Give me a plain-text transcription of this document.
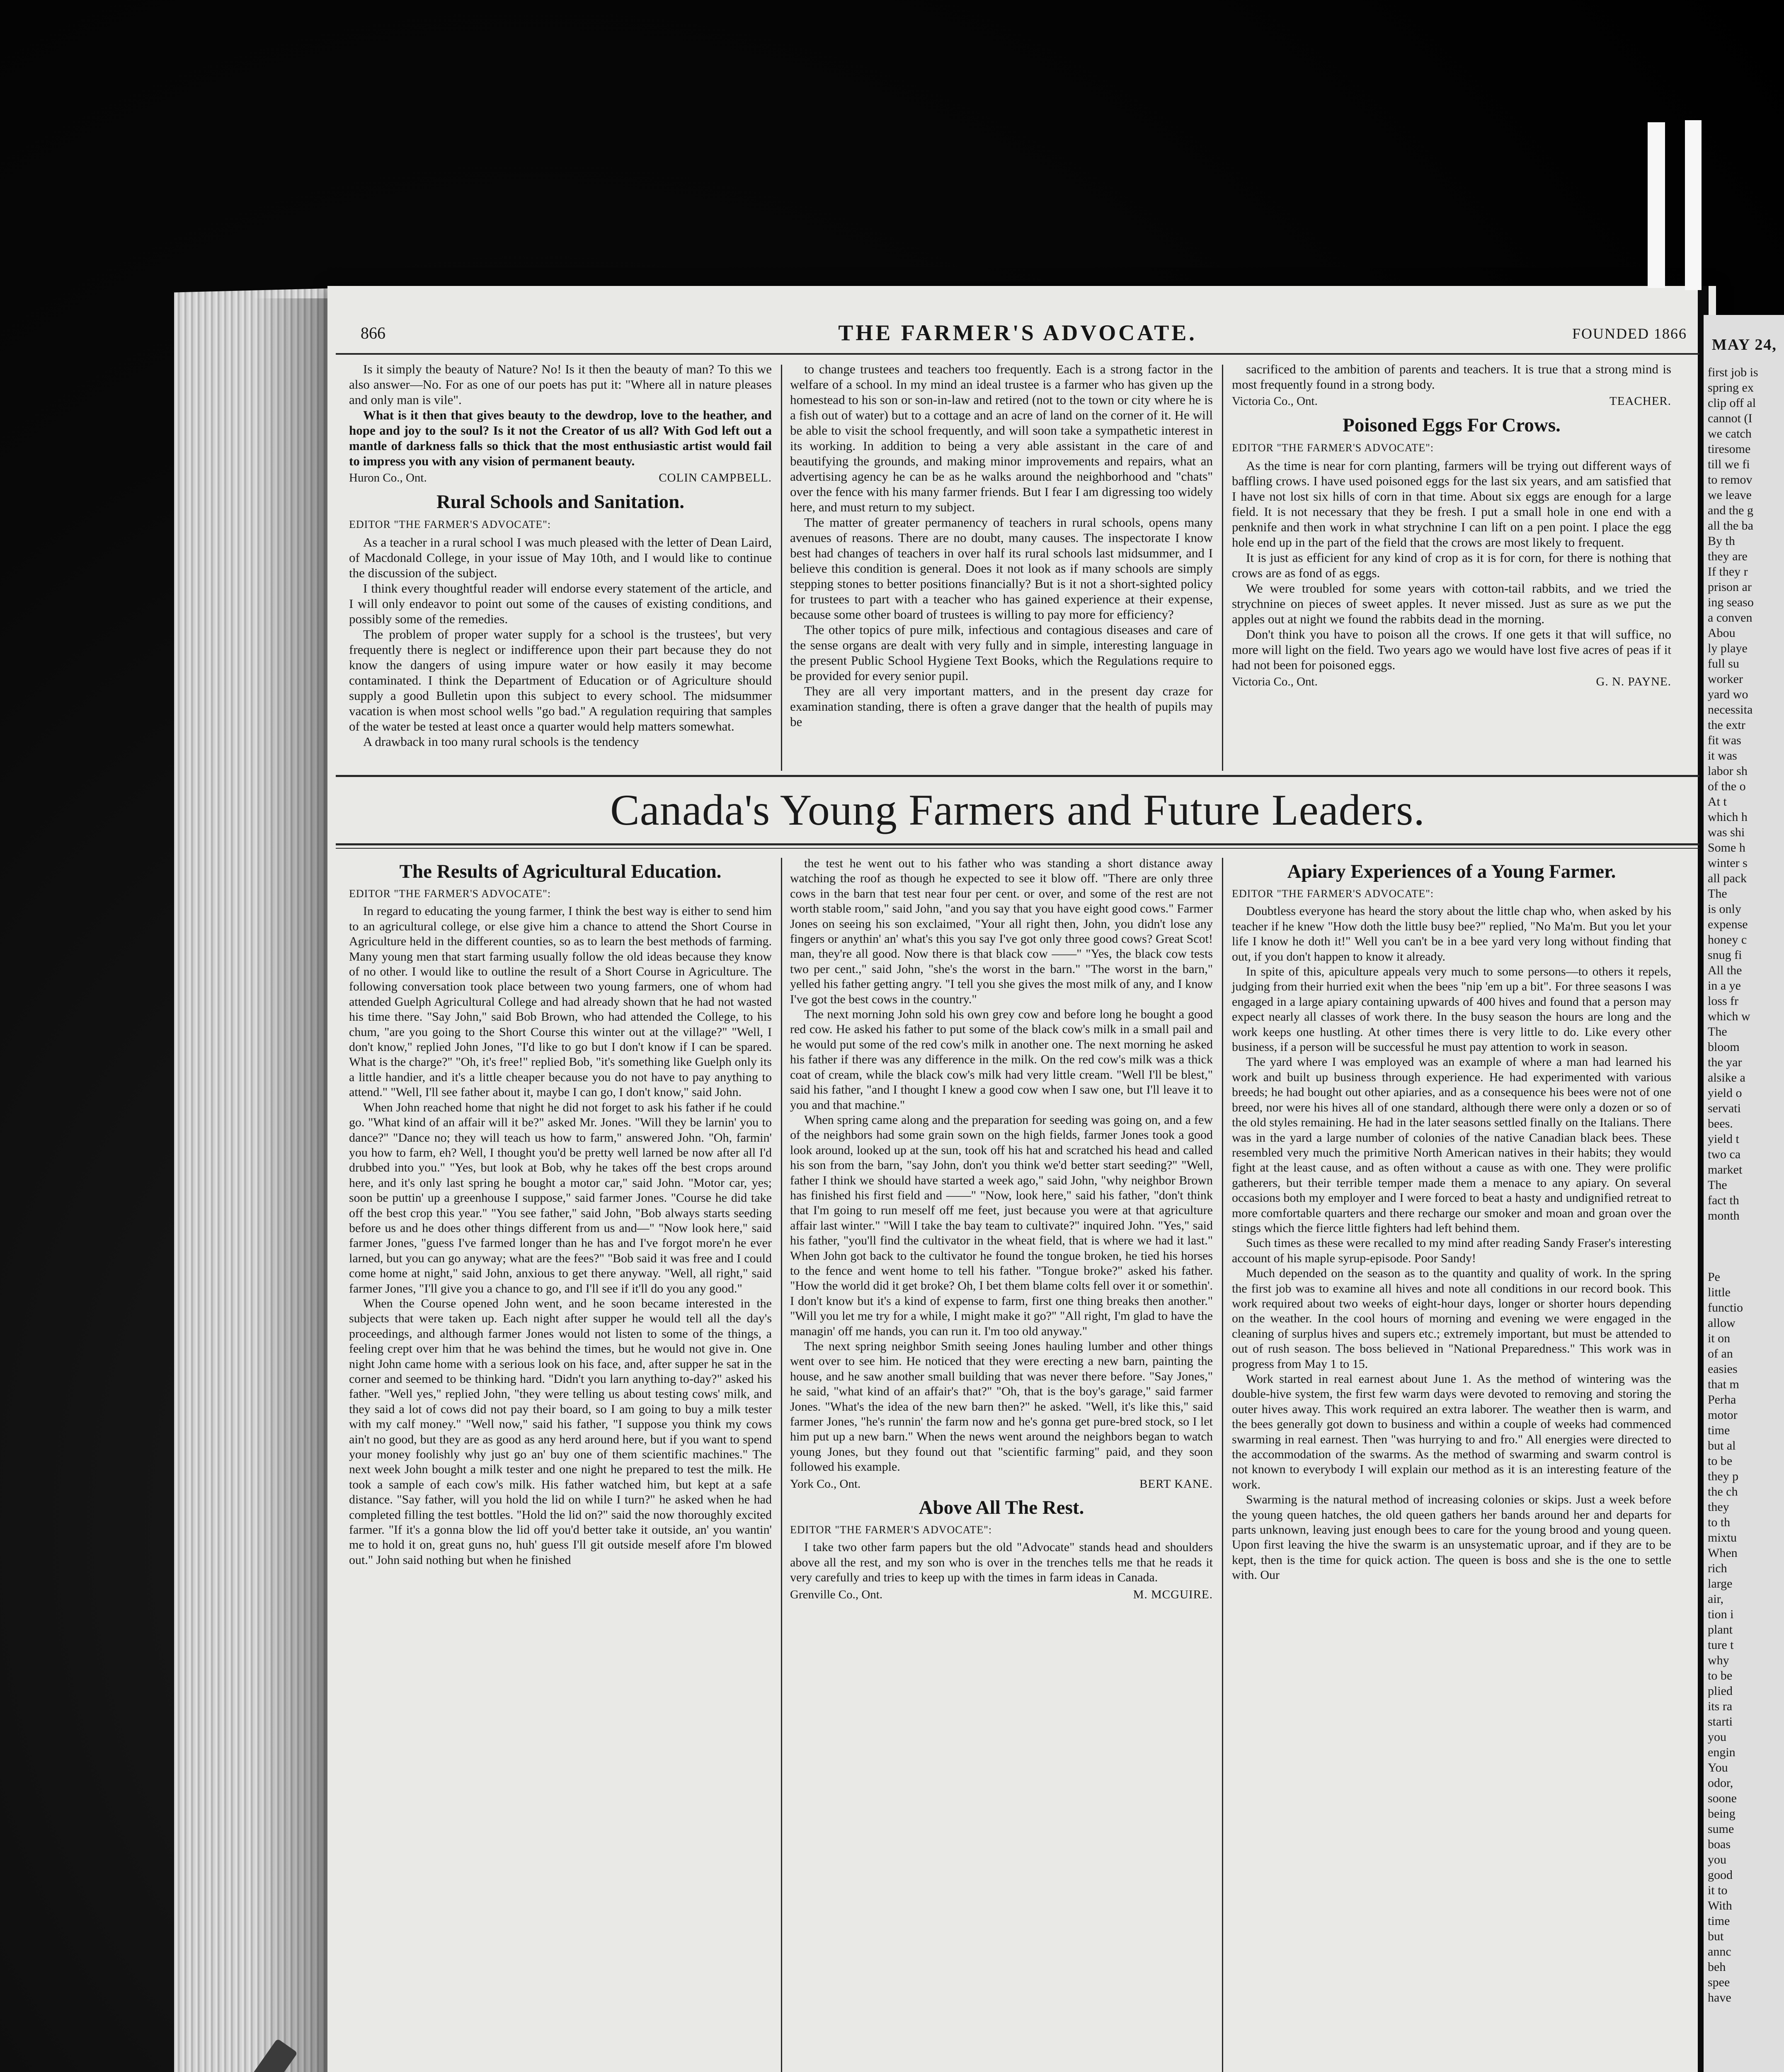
866	THE FARMER'S ADVOCATE.	FOUNDED 1866
MAY 24,

Is it simply the beauty of Nature? No! Is it then the beauty of man? To this we also answer—No. For as one of our poets has put it: "Where all in nature pleases and only man is vile".

What is it then that gives beauty to the dewdrop, love to the heather, and hope and joy to the soul? Is it not the Creator of us all? With God left out a mantle of darkness falls so thick that the most enthusiastic artist would fail to impress you with any vision of permanent beauty.

Huron Co., Ont.	COLIN CAMPBELL.
Rural Schools and Sanitation.
EDITOR "THE FARMER'S ADVOCATE":

As a teacher in a rural school I was much pleased with the letter of Dean Laird, of Macdonald College, in your issue of May 10th, and I would like to continue the discussion of the subject.

I think every thoughtful reader will endorse every statement of the article, and I will only endeavor to point out some of the causes of existing conditions, and possibly some of the remedies.

The problem of proper water supply for a school is the trustees', but very frequently there is neglect or indifference upon their part because they do not know the dangers of using impure water or how easily it may become contaminated. I think the Department of Education or of Agriculture should supply a good Bulletin upon this subject to every school. The midsummer vacation is when most school wells "go bad." A regulation requiring that samples of the water be tested at least once a quarter would help matters somewhat.

A drawback in too many rural schools is the tendency

to change trustees and teachers too frequently. Each is a strong factor in the welfare of a school. In my mind an ideal trustee is a farmer who has given up the homestead to his son or son-in-law and retired (not to the town or city where he is a fish out of water) but to a cottage and an acre of land on the corner of it. He will be able to visit the school frequently, and will soon take a sympathetic interest in its working. In addition to being a very able assistant in the care of and beautifying the grounds, and making minor improvements and repairs, what an advertising agency he can be as he walks around the neighborhood and "chats" over the fence with his many farmer friends. But I fear I am digressing too widely here, and must return to my subject.

The matter of greater permanency of teachers in rural schools, opens many avenues of reasons. There are no doubt, many causes. The inspectorate I know best had changes of teachers in over half its rural schools last midsummer, and I believe this condition is general. Does it not look as if many schools are simply stepping stones to better positions financially? But is it not a short-sighted policy for trustees to part with a teacher who has gained experience at their expense, because some other board of trustees is willing to pay more for efficiency?

The other topics of pure milk, infectious and contagious diseases and care of the sense organs are dealt with very fully and in simple, interesting language in the present Public School Hygiene Text Books, which the Regulations require to be provided for every senior pupil.

They are all very important matters, and in the present day craze for examination standing, there is often a grave danger that the health of pupils may be

sacrificed to the ambition of parents and teachers. It is true that a strong mind is most frequently found in a strong body.

Victoria Co., Ont.	TEACHER.
Poisoned Eggs For Crows.
EDITOR "THE FARMER'S ADVOCATE":

As the time is near for corn planting, farmers will be trying out different ways of baffling crows. I have used poisoned eggs for the last six years, and am satisfied that I have not lost six hills of corn in that time. About six eggs are enough for a large field. It is not necessary that they be fresh. I put a small hole in one end with a penknife and then work in what strychnine I can lift on a pen point. I place the egg hole end up in the part of the field that the crows are most likely to frequent.

It is just as efficient for any kind of crop as it is for corn, for there is nothing that crows are as fond of as eggs.

We were troubled for some years with cotton-tail rabbits, and we tried the strychnine on pieces of sweet apples. It never missed. Just as sure as we put the apples out at night we found the rabbits dead in the morning.

Don't think you have to poison all the crows. If one gets it that will suffice, no more will light on the field. Two years ago we would have lost five acres of peas if it had not been for poisoned eggs.

Victoria Co., Ont.	G. N. PAYNE.
Canada's Young Farmers and Future Leaders.
The Results of Agricultural Education.
EDITOR "THE FARMER'S ADVOCATE":

In regard to educating the young farmer, I think the best way is either to send him to an agricultural college, or else give him a chance to attend the Short Course in Agriculture held in the different counties, so as to learn the best methods of farming. Many young men that start farming usually follow the old ideas because they know of no other. I would like to outline the result of a Short Course in Agriculture. The following conversation took place between two young farmers, one of whom had attended Guelph Agricultural College and had already shown that he had not wasted his time there. "Say John," said Bob Brown, who had attended the College, to his chum, "are you going to the Short Course this winter out at the village?" "Well, I don't know," replied John Jones, "I'd like to go but I don't know if I can be spared. What is the charge?" "Oh, it's free!" replied Bob, "it's something like Guelph only its a little handier, and it's a little cheaper because you do not have to pay anything to attend." "Well, I'll see father about it, maybe I can go, I don't know," said John.

When John reached home that night he did not forget to ask his father if he could go. "What kind of an affair will it be?" asked Mr. Jones. "Will they be larnin' you to dance?" "Dance no; they will teach us how to farm," answered John. "Oh, farmin' you how to farm, eh? Well, I thought you'd be pretty well larned be now after all I'd drubbed into you." "Yes, but look at Bob, why he takes off the best crops around here, and it's only last spring he bought a motor car," said John. "Motor car, yes; soon be puttin' up a greenhouse I suppose," said farmer Jones. "Course he did take off the best crop this year." "You see father," said John, "Bob always starts seeding before us and he does other things different from us and—" "Now look here," said farmer Jones, "guess I've farmed longer than he has and I've forgot more'n he ever larned, but you can go anyway; what are the fees?" "Bob said it was free and I could come home at night," said John, anxious to get there anyway. "Well, all right," said farmer Jones, "I'll give you a chance to go, and I'll see if it'll do you any good."

When the Course opened John went, and he soon became interested in the subjects that were taken up. Each night after supper he would tell all the day's proceedings, and although farmer Jones would not listen to some of the things, a feeling crept over him that he was behind the times, but he would not give in. One night John came home with a serious look on his face, and, after supper he sat in the corner and seemed to be thinking hard. "Didn't you larn anything to-day?" asked his father. "Well yes," replied John, "they were telling us about testing cows' milk, and they said a lot of cows did not pay their board, so I am going to buy a milk tester with my calf money." "Well now," said his father, "I suppose you think my cows ain't no good, but they are as good as any herd around here, but if you want to spend your money foolishly why just go an' buy one of them scientific machines." The next week John bought a milk tester and one night he prepared to test the milk. He took a sample of each cow's milk. His father watched him, but kept at a safe distance. "Say father, will you hold the lid on while I turn?" he asked when he had completed filling the test bottles. "Hold the lid on?" said the now thoroughly excited farmer. "If it's a gonna blow the lid off you'd better take it outside, an' you wantin' me to hold it on, great guns no, huh' guess I'll git outside meself afore I'm blowed out." John said nothing but when he finished

the test he went out to his father who was standing a short distance away watching the roof as though he expected to see it blow off. "There are only three cows in the barn that test near four per cent. or over, and some of the rest are not worth stable room," said John, "and you say that you have eight good cows." Farmer Jones on seeing his son exclaimed, "Your all right then, John, you didn't lose any fingers or anythin' an' what's this you say I've got only three good cows? Great Scot! man, they're all good. Now there is that black cow ——" "Yes, the black cow tests two per cent.," said John, "she's the worst in the barn." "The worst in the barn," yelled his father getting angry. "I tell you she gives the most milk of any, and I know I've got the best cows in the country."

The next morning John sold his own grey cow and before long he bought a good red cow. He asked his father to put some of the black cow's milk in a small pail and he would put some of the red cow's milk in another one. The next morning he asked his father if there was any difference in the milk. On the red cow's milk was a thick coat of cream, while the black cow's milk had very little cream. "Well I'll be blest," said his father, "and I thought I knew a good cow when I saw one, but I'll leave it to you and that machine."

When spring came along and the preparation for seeding was going on, and a few of the neighbors had some grain sown on the high fields, farmer Jones took a good look around, looked up at the sun, took off his hat and scratched his head and called his son from the barn, "say John, don't you think we'd better start seeding?" "Well, father I think we should have started a week ago," said John, "why neighbor Brown has finished his first field and ——" "Now, look here," said his father, "don't think that I'm going to run meself off me feet, just because you were at that agriculture affair last winter." "Will I take the bay team to cultivate?" inquired John. "Yes," said his father, "you'll find the cultivator in the wheat field, that is where we had it last." When John got back to the cultivator he found the tongue broken, he tied his horses to the fence and went home to tell his father. "Tongue broke?" asked his father. "How the world did it get broke? Oh, I bet them blame colts fell over it or somethin'. I don't know but it's a kind of expense to farm, first one thing breaks then another." "Will you let me try for a while, I might make it go?" "All right, I'm glad to have the managin' off me hands, you can run it. I'm too old anyway."

The next spring neighbor Smith seeing Jones hauling lumber and other things went over to see him. He noticed that they were erecting a new barn, painting the house, and he saw another small building that was never there before. "Say Jones," he said, "what kind of an affair's that?" "Oh, that is the boy's garage," said farmer Jones. "What's the idea of the new barn then?" he asked. "Well, it's like this," said farmer Jones, "he's runnin' the farm now and he's gonna get pure-bred stock, so I let him put up a new barn." When the news went around the neighbors began to watch young Jones, but they found out that "scientific farming" paid, and they soon followed his example.

York Co., Ont.	BERT KANE.
Above All The Rest.
EDITOR "THE FARMER'S ADVOCATE":

I take two other farm papers but the old "Advocate" stands head and shoulders above all the rest, and my son who is over in the trenches tells me that he reads it very carefully and tries to keep up with the times in farm ideas in Canada.

Grenville Co., Ont.	M. MCGUIRE.
Apiary Experiences of a Young Farmer.
EDITOR "THE FARMER'S ADVOCATE":

Doubtless everyone has heard the story about the little chap who, when asked by his teacher if he knew "How doth the little busy bee?" replied, "No Ma'm. But you let your life I know he doth it!" Well you can't be in a bee yard very long without finding that out, if you don't happen to know it already.

In spite of this, apiculture appeals very much to some persons—to others it repels, judging from their hurried exit when the bees "nip 'em up a bit". For three seasons I was engaged in a large apiary containing upwards of 400 hives and found that a person may expect nearly all classes of work there. In the busy season the hours are long and the work keeps one hustling. At other times there is very little to do. Like every other business, if a person will be successful he must pay attention to work in season.

The yard where I was employed was an example of where a man had learned his work and built up business through experience. He had experimented with various breeds; he had bought out other apiaries, and as a consequence his bees were not of one breed, nor were his hives all of one standard, although there were only a dozen or so of the old styles remaining. He had in the later seasons settled finally on the Italians. There was in the yard a large number of colonies of the native Canadian black bees. These resembled very much the primitive North American natives in their habits; they would fight at the least cause, and as often without a cause as with one. They were prolific gatherers, but their terrible temper made them a menace to any apiary. On several occasions both my employer and I were forced to beat a hasty and undignified retreat to more comfortable quarters and there recharge our smoker and moan and groan over the stings which the fierce little fighters had left behind them.

Such times as these were recalled to my mind after reading Sandy Fraser's interesting account of his maple syrup-episode. Poor Sandy!

Much depended on the season as to the quantity and quality of work. In the spring the first job was to examine all hives and note all conditions in our record book. This work required about two weeks of eight-hour days, longer or shorter hours depending on the weather. In the cool hours of morning and evening we were engaged in the cleaning of surplus hives and supers etc.; extremely important, but must be attended to out of rush season. The boss believed in "National Preparedness." This work was in progress from May 1 to 15.

Work started in real earnest about June 1. As the method of wintering was the double-hive system, the first few warm days were devoted to removing and storing the outer hives away. This work required an extra laborer. The weather then is warm, and the bees generally got down to business and within a couple of weeks had commenced swarming in real earnest. Then "was hurrying to and fro." All energies were directed to the accommodation of the swarms. As the method of swarming and swarm control is not known to everybody I will explain our method as it is an interesting feature of the work.

Swarming is the natural method of increasing colonies or skips. Just a week before the young queen hatches, the old queen gathers her bands around her and departs for parts unknown, leaving just enough bees to care for the young brood and young queen. Upon first leaving the hive the swarm is an unsystematic uproar, and if they are to be kept, then is the time for quick action. The queen is boss and she is the one to settle with. Our

first job is
spring ex
clip off al
cannot (I
we catch
tiresome
till we fi
to remov
we leave
and the g
all the ba
By th
they are
If they r
prison ar
ing seaso
a conven
Abou
ly playe
full su
worker
yard wo
necessita
the extr
fit was
it was
labor sh
of the o
At t
which h
was shi
Some h
winter s
all pack
The
is only
expense
honey c
snug fi
All the
in a ye
loss fr
which w
The
bloom
the yar
alsike a
yield o
servati
bees.
yield t
two ca
market
The
fact th
month
Pe
little
functio
allow
it on
of an
easies
that m
Perha
motor
time
but al
to be
they p
the ch
they
to th
mixtu
When
rich
large
air,
tion i
plant
ture t
why
to be
plied
its ra
starti
you
engin
You
odor,
soone
being
sume
boas
you
good
it to
With
time
but
annc
beh
spee
have
